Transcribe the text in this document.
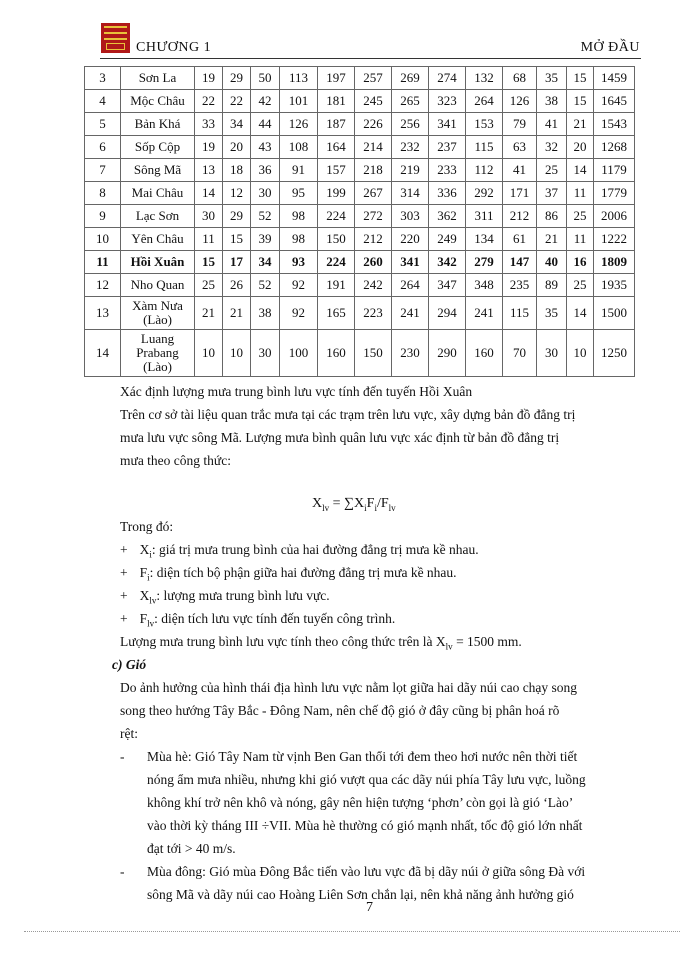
CHƯƠNG 1	MỞ ĐẦU
3	Sơn La	19	29	50	113	197	257	269	274	132	68	35	15	1459
4	Mộc Châu	22	22	42	101	181	245	265	323	264	126	38	15	1645
5	Bản Khá	33	34	44	126	187	226	256	341	153	79	41	21	1543
6	Sốp Cộp	19	20	43	108	164	214	232	237	115	63	32	20	1268
7	Sông Mã	13	18	36	91	157	218	219	233	112	41	25	14	1179
8	Mai Châu	14	12	30	95	199	267	314	336	292	171	37	11	1779
9	Lạc Sơn	30	29	52	98	224	272	303	362	311	212	86	25	2006
10	Yên Châu	11	15	39	98	150	212	220	249	134	61	21	11	1222
11	Hồi Xuân	15	17	34	93	224	260	341	342	279	147	40	16	1809
12	Nho Quan	25	26	52	92	191	242	264	347	348	235	89	25	1935
13	Xàm Nưa (Lào)	21	21	38	92	165	223	241	294	241	115	35	14	1500
14	Luang Prabang (Lào)	10	10	30	100	160	150	230	290	160	70	30	10	1250
Xác định lượng mưa trung bình lưu vực tính đến tuyến Hồi Xuân
Trên cơ sở tài liệu quan trắc mưa tại các trạm trên lưu vực, xây dựng bản đồ đẳng trị
mưa lưu vực sông Mã. Lượng mưa bình quân lưu vực xác định từ bản đồ đẳng trị
mưa theo công thức:
$X_{lv} = \sum X_iF_i/F_{lv}$
Trong đó:
+ $X_i$: giá trị mưa trung bình của hai đường đẳng trị mưa kề nhau.
+ $F_i$: diện tích bộ phận giữa hai đường đẳng trị mưa kề nhau.
+ $X_{lv}$: lượng mưa trung bình lưu vực.
+ $F_{lv}$: diện tích lưu vực tính đến tuyến công trình.
Lượng mưa trung bình lưu vực tính theo công thức trên là $X_{lv} = 1500$ mm.
c) Gió
Do ảnh hưởng của hình thái địa hình lưu vực nằm lọt giữa hai dãy núi cao chạy song
song theo hướng Tây Bắc - Đông Nam, nên chế độ gió ở đây cũng bị phân hoá rõ
rệt:
- Mùa hè: Gió Tây Nam từ vịnh Ben Gan thổi tới đem theo hơi nước nên thời tiết
nóng ẩm mưa nhiều, nhưng khi gió vượt qua các dãy núi phía Tây lưu vực, luồng
không khí trở nên khô và nóng, gây nên hiện tượng ‘phơn’ còn gọi là gió ‘Lào’
vào thời kỳ tháng III ÷VII. Mùa hè thường có gió mạnh nhất, tốc độ gió lớn nhất
đạt tới > 40 m/s.
- Mùa đông: Gió mùa Đông Bắc tiến vào lưu vực đã bị dãy núi ở giữa sông Đà với
sông Mã và dãy núi cao Hoàng Liên Sơn chắn lại, nên khả năng ảnh hưởng gió
7
